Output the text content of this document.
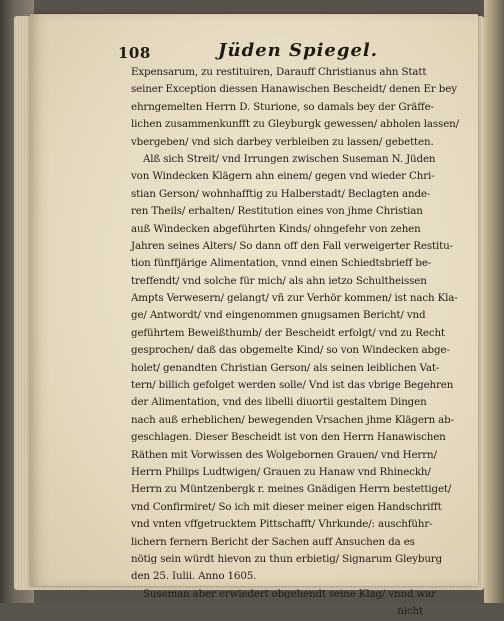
108	Jüden Spiegel.
Expensarum, zu restituiren, Darauff Christianus ahn Statt
seiner Exception diessen Hanawischen Bescheidt/ denen Er bey
ehrngemelten Herrn D. Sturione, so damals bey der Gräffe-
lichen zusammenkunfft zu Gleyburgk gewessen/ abholen lassen/
vbergeben/ vnd sich darbey verbleiben zu lassen/ gebetten.
Alß sich Streit/ vnd Irrungen zwischen Suseman N. Jüden
von Windecken Klägern ahn einem/ gegen vnd wieder Chri-
stian Gerson/ wohnhafftig zu Halberstadt/ Beclagten ande-
ren Theils/ erhalten/ Restitution eines von jhme Christian
auß Windecken abgeführten Kinds/ ohngefehr von zehen
Jahren seines Alters/ So dann off den Fall verweigerter Restitu-
tion fünffjärige Alimentation, vnnd einen Schiedtsbrieff be-
treffendt/ vnd solche für mich/ als ahn ietzo Schultheissen
Ampts Verwesern/ gelangt/ vñ zur Verhör kommen/ ist nach Kla-
ge/ Antwordt/ vnd eingenommen gnugsamen Bericht/ vnd
geführtem Beweißthumb/ der Bescheidt erfolgt/ vnd zu Recht
gesprochen/ daß das obgemelte Kind/ so von Windecken abge-
holet/ genandten Christian Gerson/ als seinen leiblichen Vat-
tern/ billich gefolget werden solle/ Vnd ist das vbrige Begehren
der Alimentation, vnd des libelli diuortii gestaltem Dingen
nach auß erheblichen/ bewegenden Vrsachen jhme Klägern ab-
geschlagen. Dieser Bescheidt ist von den Herrn Hanawischen
Räthen mit Vorwissen des Wolgebornen Grauen/ vnd Herrn/
Herrn Philips Ludtwigen/ Grauen zu Hanaw vnd Rhineckh/
Herrn zu Müntzenbergk r. meines Gnädigen Herrn bestettiget/
vnd Confirmiret/ So ich mit dieser meiner eigen Handschrifft
vnd vnten vffgetrucktem Pittschafft/ Vhrkunde/: auschführ-
lichern fernern Bericht der Sachen auff Ansuchen da es
nötig sein würdt hievon zu thun erbietig/ Signarum Gleyburg
den 25. Iulii. Anno 1605.
Suseman aber erwiedert obgehendt seine Klag/ vnnd war
nicht
